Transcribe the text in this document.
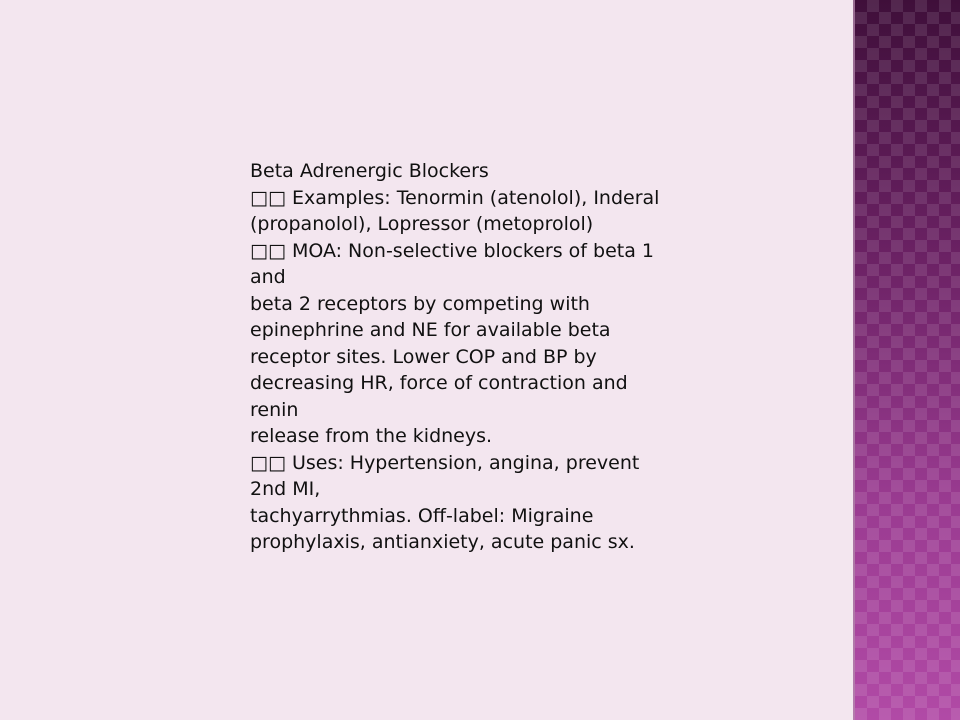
Beta Adrenergic Blockers
□□ Examples: Tenormin (atenolol), Inderal
(propanolol), Lopressor (metoprolol)
□□ MOA: Non-selective blockers of beta 1
and
beta 2 receptors by competing with
epinephrine and NE for available beta
receptor sites. Lower COP and BP by
decreasing HR, force of contraction and
renin
release from the kidneys.
□□ Uses: Hypertension, angina, prevent
2nd MI,
tachyarrythmias. Off-label: Migraine
prophylaxis, antianxiety, acute panic sx.
